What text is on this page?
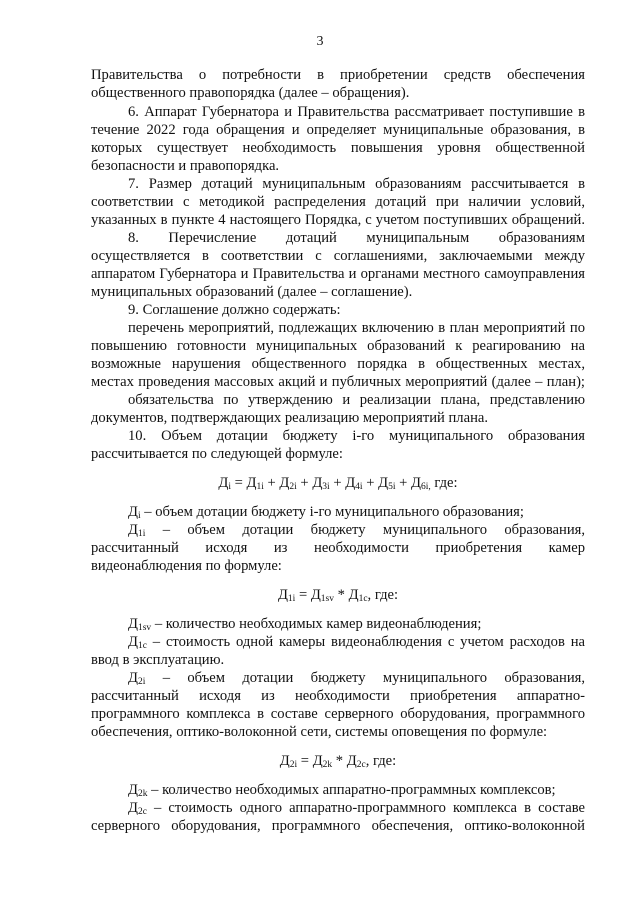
3
Правительства о потребности в приобретении средств обеспечения
общественного правопорядка (далее – обращения).
6. Аппарат Губернатора и Правительства рассматривает поступившие в
течение 2022 года обращения и определяет муниципальные образования, в
которых существует необходимость повышения уровня общественной
безопасности и правопорядка.
7. Размер дотаций муниципальным образованиям рассчитывается в
соответствии с методикой распределения дотаций при наличии условий,
указанных в пункте 4 настоящего Порядка, с учетом поступивших обращений.
8. Перечисление дотаций муниципальным образованиям
осуществляется в соответствии с соглашениями, заключаемыми между
аппаратом Губернатора и Правительства и органами местного самоуправления
муниципальных образований (далее – соглашение).
9. Соглашение должно содержать:
перечень мероприятий, подлежащих включению в план мероприятий по
повышению готовности муниципальных образований к реагированию на
возможные нарушения общественного порядка в общественных местах,
местах проведения массовых акций и публичных мероприятий (далее – план);
обязательства по утверждению и реализации плана, представлению
документов, подтверждающих реализацию мероприятий плана.
10. Объем дотации бюджету i-го муниципального образования
рассчитывается по следующей формуле:
$Д_i = Д_{1i} + Д_{2i} + Д_{3i} + Д_{4i} + Д_{5i} + Д_{6i,}$ где:
$Д_i$ – объем дотации бюджету i-го муниципального образования;
$Д_{1i}$ – объем дотации бюджету муниципального образования,
рассчитанный исходя из необходимости приобретения камер
видеонаблюдения по формуле:
$Д_{1i} = Д_{1sv} * Д_{1c}$, где:
$Д_{1sv}$ – количество необходимых камер видеонаблюдения;
$Д_{1c}$ – стоимость одной камеры видеонаблюдения с учетом расходов на
ввод в эксплуатацию.
$Д_{2i}$ – объем дотации бюджету муниципального образования,
рассчитанный исходя из необходимости приобретения аппаратно-
программного комплекса в составе серверного оборудования, программного
обеспечения, оптико-волоконной сети, системы оповещения по формуле:
$Д_{2i} = Д_{2k} * Д_{2c}$, где:
$Д_{2k}$ – количество необходимых аппаратно-программных комплексов;
$Д_{2c}$ – стоимость одного аппаратно-программного комплекса в составе
серверного оборудования, программного обеспечения, оптико-волоконной
